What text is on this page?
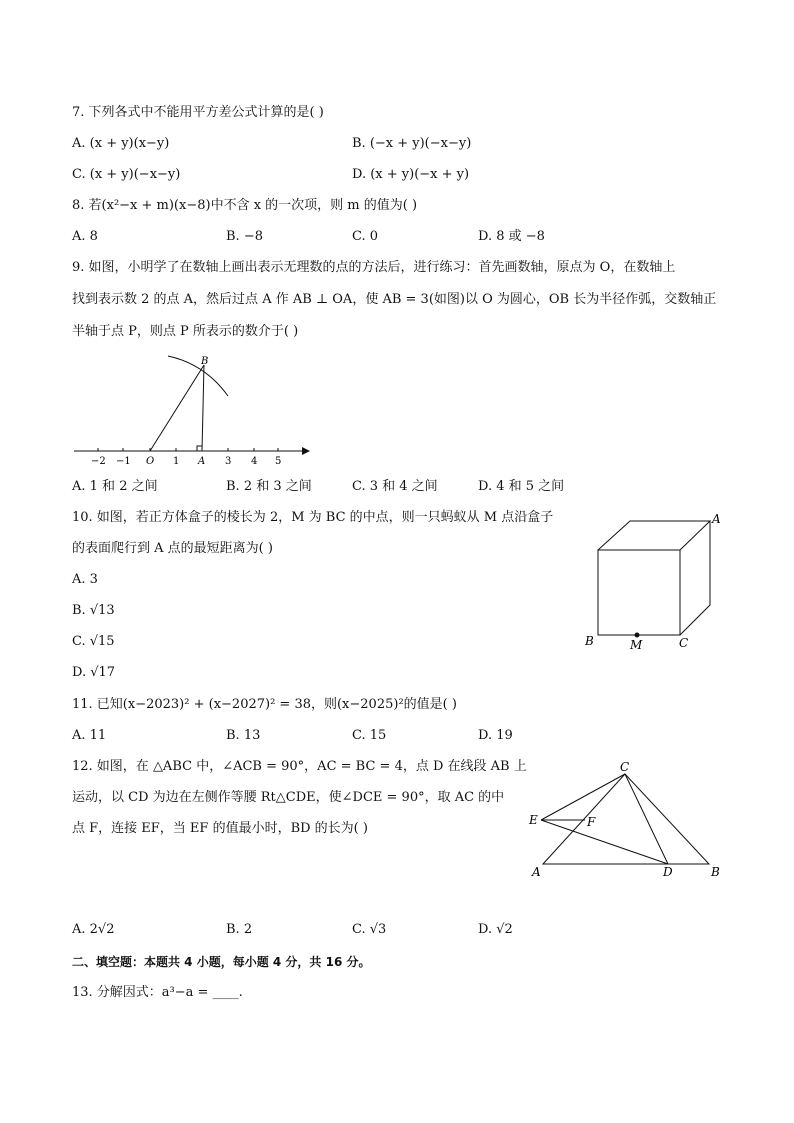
7. 下列各式中不能用平方差公式计算的是( )
A. (x + y)(x−y)	B. (−x + y)(−x−y)
C. (x + y)(−x−y)	D. (x + y)(−x + y)
8. 若(x²−x + m)(x−8)中不含 x 的一次项，则 m 的值为( )
A. 8	B. −8	C. 0	D. 8 或 −8
9. 如图，小明学了在数轴上画出表示无理数的点的方法后，进行练习：首先画数轴，原点为 O，在数轴上
找到表示数 2 的点 A，然后过点 A 作 AB ⊥ OA，使 AB = 3(如图)以 O 为圆心，OB 长为半径作弧，交数轴正
半轴于点 P，则点 P 所表示的数介于( )
B
O	A
−2 −1	1	3 4 5
A. 1 和 2 之间	B. 2 和 3 之间	C. 3 和 4 之间	D. 4 和 5 之间
10. 如图，若正方体盒子的棱长为 2，M 为 BC 的中点，则一只蚂蚁从 M 点沿盒子
的表面爬行到 A 点的最短距离为( )
A. 3
B. √13
C. √15
D. √17
A
B	M	C
11. 已知(x−2023)² + (x−2027)² = 38，则(x−2025)²的值是( )
A. 11	B. 13	C. 15	D. 19
12. 如图，在 △ABC 中，∠ACB = 90°，AC = BC = 4，点 D 在线段 AB 上
运动，以 CD 为边在左侧作等腰 Rt△CDE，使∠DCE = 90°，取 AC 的中
点 F，连接 EF，当 EF 的值最小时，BD 的长为( )
C
E	F
A	D	B
A. 2√2	B. 2	C. √3	D. √2
二、填空题：本题共 4 小题，每小题 4 分，共 16 分。
13. 分解因式：a³−a = ____.
